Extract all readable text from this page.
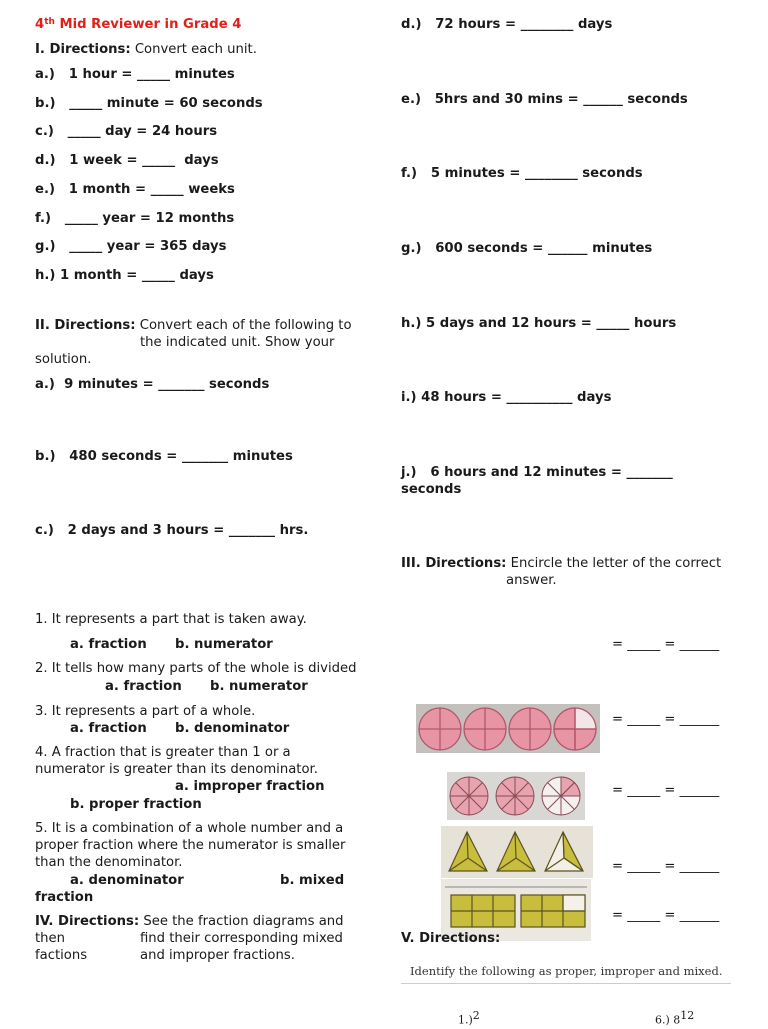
4th Mid Reviewer in Grade 4
I. Directions: Convert each unit.
a.)   1 hour = _____ minutes
b.)   _____ minute = 60 seconds
c.)   _____ day = 24 hours
d.)   1 week = _____  days
e.)   1 month = _____ weeks
f.)   _____ year = 12 months
g.)   _____ year = 365 days
h.) 1 month = _____ days
II. Directions: Convert each of the following to
the indicated unit. Show your
solution.
a.)  9 minutes = _______ seconds
b.)   480 seconds = _______ minutes
c.)   2 days and 3 hours = _______ hrs.
d.)   72 hours = ________ days
e.)   5hrs and 30 mins = ______ seconds
f.)   5 minutes = ________ seconds
g.)   600 seconds = ______ minutes
h.) 5 days and 12 hours = _____ hours
i.) 48 hours = __________ days
j.)   6 hours and 12 minutes = _______
seconds
III. Directions: Encircle the letter of the correct
answer.
1. It represents a part that is taken away.
a. fraction b. numerator
2. It tells how many parts of the whole is divided
a. fraction b. numerator
3. It represents a part of a whole.
a. fraction b. denominator
4. A fraction that is greater than 1 or a
numerator is greater than its denominator.
a. improper fraction
b. proper fraction
5. It is a combination of a whole number and a
proper fraction where the numerator is smaller
than the denominator.
a. denominator	b. mixed
fraction
IV. Directions: See the fraction diagrams and
then	find their corresponding mixed
factions	and improper fractions.
= _____ = ______
= _____ = ______
= _____ = ______
= _____ = ______
= _____ = ______
V. Directions:
Identify the following as proper, improper and mixed.
1.)$^2$	6.) $8^{12}$
